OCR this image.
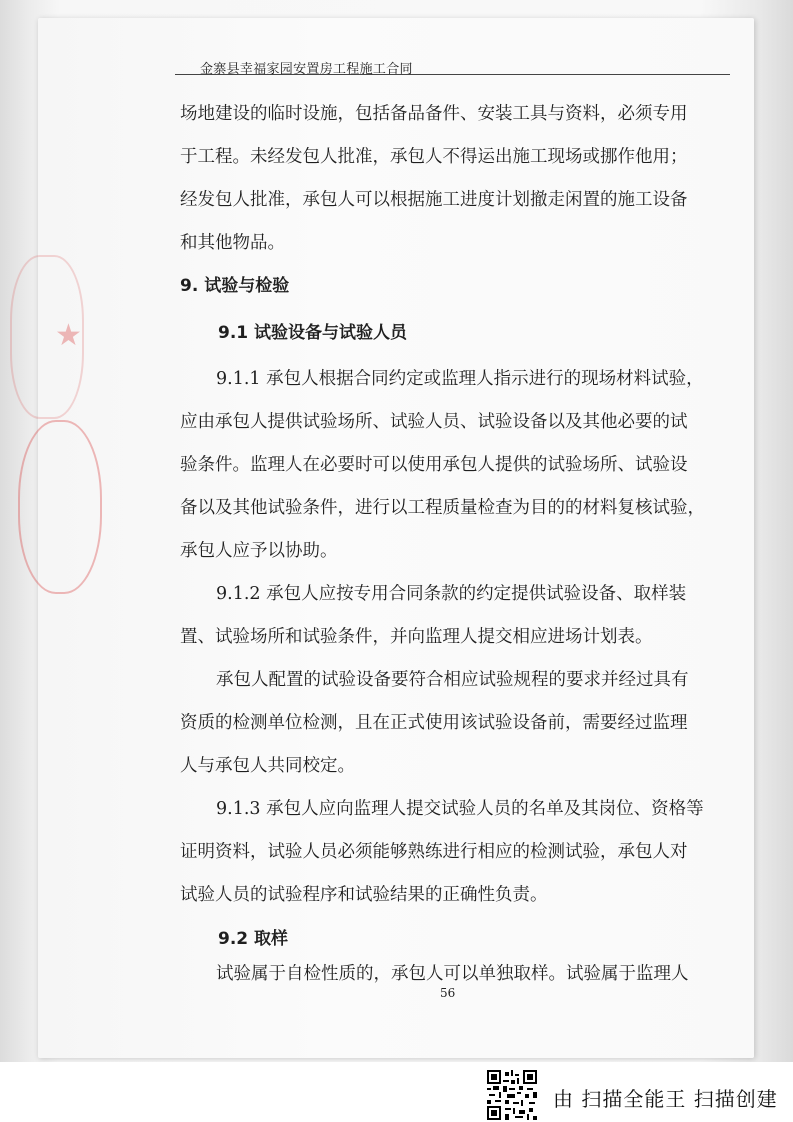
★
金寨县幸福家园安置房工程施工合同
场地建设的临时设施，包括备品备件、安装工具与资料，必须专用
于工程。未经发包人批准，承包人不得运出施工现场或挪作他用；
经发包人批准，承包人可以根据施工进度计划撤走闲置的施工设备
和其他物品。
9. 试验与检验
9.1 试验设备与试验人员
9.1.1 承包人根据合同约定或监理人指示进行的现场材料试验，
应由承包人提供试验场所、试验人员、试验设备以及其他必要的试
验条件。监理人在必要时可以使用承包人提供的试验场所、试验设
备以及其他试验条件，进行以工程质量检查为目的的材料复核试验，
承包人应予以协助。
9.1.2 承包人应按专用合同条款的约定提供试验设备、取样装
置、试验场所和试验条件，并向监理人提交相应进场计划表。
承包人配置的试验设备要符合相应试验规程的要求并经过具有
资质的检测单位检测，且在正式使用该试验设备前，需要经过监理
人与承包人共同校定。
9.1.3 承包人应向监理人提交试验人员的名单及其岗位、资格等
证明资料，试验人员必须能够熟练进行相应的检测试验，承包人对
试验人员的试验程序和试验结果的正确性负责。
9.2 取样
试验属于自检性质的，承包人可以单独取样。试验属于监理人
56
由 扫描全能王 扫描创建
